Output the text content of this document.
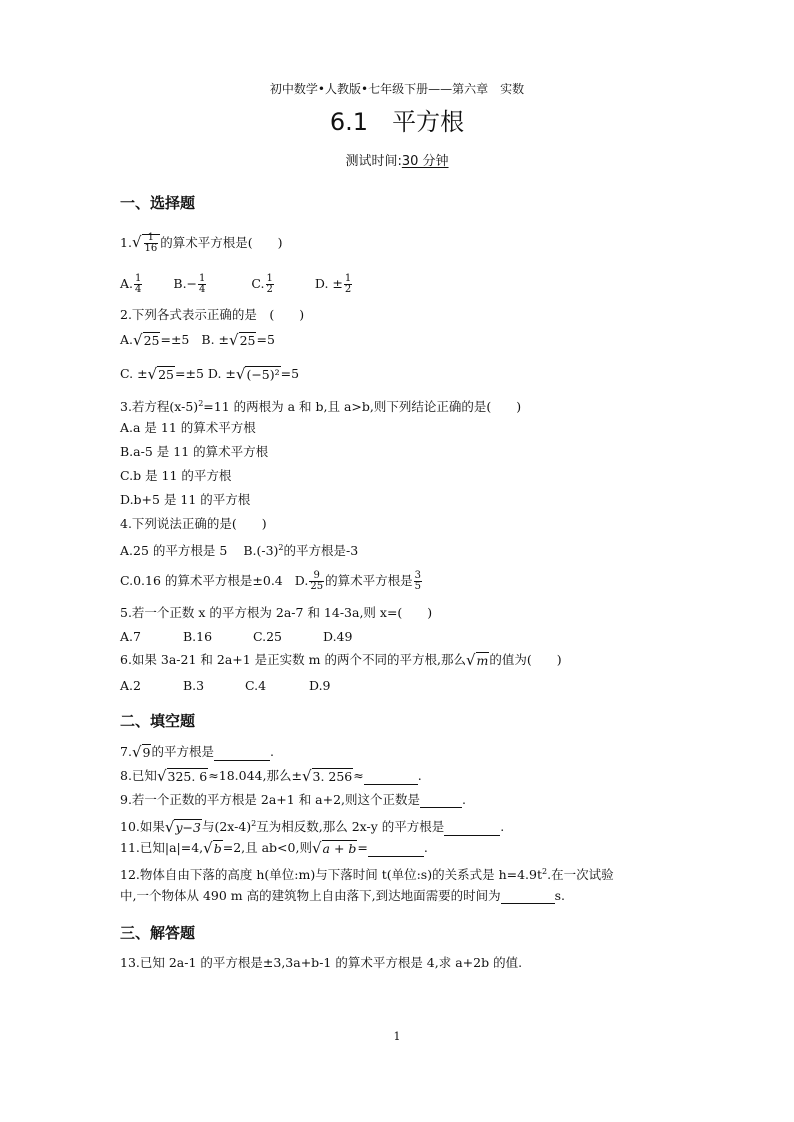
初中数学•人教版•七年级下册——第六章　实数
6.1　平方根
测试时间:30 分钟
一、选择题
$1.√ \frac{1}{16}$ 的算术平方根是(　　)
A. $\frac{1}{4} B.- \frac{1}{4}$	C. $\frac{1}{2}$	D. ± $\frac{1}{2}$
2.下列各式表示正确的是　(　　)
A.√25=±5 B. ±√25=5
C. ±√25=±5 D. ±√(−5)²=5
3.若方程$(x-5)^2=11$ 的两根为 a 和 b,且 a>b,则下列结论正确的是(　　)
A.a 是 11 的算术平方根
B.a-5 是 11 的算术平方根
C.b 是 11 的平方根
D.b+5 是 11 的平方根
4.下列说法正确的是(　　)
A.25 的平方根是 5 $B.(-3)^2$的平方根是-3
C.0.16 的算术平方根是±0.4 D. $\frac{9}{25}$ 的算术平方根是 $\frac{3}{5}$
5.若一个正数 x 的平方根为 2a-7 和 14-3a,则 x=(　　)
A.7	B.16	C.25	D.49
6.如果 3a-21 和 2a+1 是正实数 m 的两个不同的平方根,那么√m的值为(　　)
A.2	B.3	C.4	D.9
二、填空题
7.√9的平方根是	.
8.已知√325. 6≈18.044,那么±√3. 256≈	.
9.若一个正数的平方根是 2a+1 和 a+2,则这个正数是	.
10.如果√y−3与$(2x-4)^2$互为相反数,那么 2x-y 的平方根是	.
11.已知|a|=4,√b=2,且 ab<0,则√a + b=	.
12.物体自由下落的高度 h(单位:m)与下落时间 t(单位:s)的关系式是 $h=4.9t^2$.在一次试验
中,一个物体从 490 m 高的建筑物上自由落下,到达地面需要的时间为	s.
三、解答题
13.已知 2a-1 的平方根是±3,3a+b-1 的算术平方根是 4,求 a+2b 的值.
1
